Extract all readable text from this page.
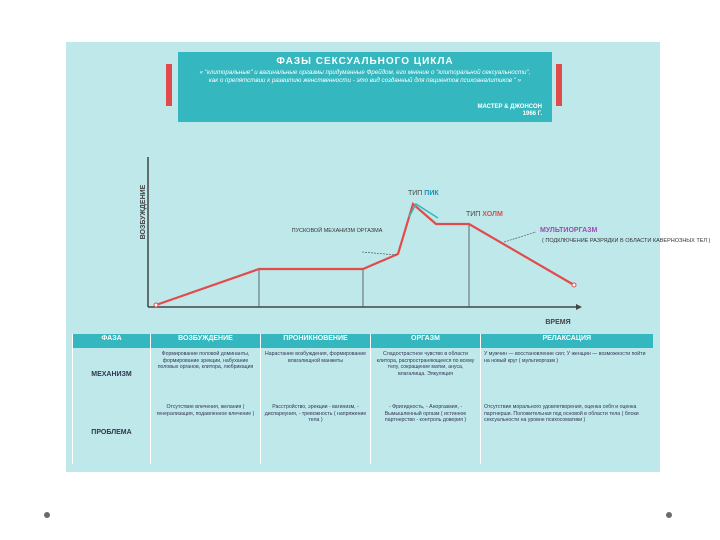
ФАЗЫ СЕКСУАЛЬНОГО ЦИКЛА

« "клиторальные" и вагинальные оргазмы придуманные Фрейдом, его мнение о "клиторальной сексуальности", как о препятствии к развитию женственности - это вид созданный для пациентов психоаналитиков " »

МАСТЕР & ДЖОНСОН
1966 Г.
ВОЗБУЖДЕНИЕ
ВРЕМЯ
ПУСКОВОЙ МЕХАНИЗМ ОРГАЗМА
ТИП ПИК
ТИП ХОЛМ
МУЛЬТИОРГАЗМ
( ПОДКЛЮЧЕНИЕ РАЗРЯДКИ В ОБЛАСТИ КАВЕРНОЗНЫХ ТЕЛ )
ФАЗА	ВОЗБУЖДЕНИЕ	ПРОНИКНОВЕНИЕ	ОРГАЗМ	РЕЛАКСАЦИЯ
МЕХАНИЗМ	Формирование половой доминанты, формирование эрекции, набухание половых органов, клитора, любрикация	Нарастание возбуждения, формирование влагалищной манжеты	Сладострастное чувство в области клитора, распространяющееся по всему телу, сокращение матки, ануса, влагалища. Эякуляция	У мужчин — восстановление сил; У женщин — возможности пойти на новый круг ( мультиоргазм )
ПРОБЛЕМА	Отсутствие влечения, желания ( генерализация, подавленное влечение )	Расстройство, эрекции - вагинизм, - диспареуния, - тревожность ( напряжение тела )	- Фригидность, - Аноргазмия, - Вымышленный оргазм ( истинное партнерство - контроль доверия )	Отсутствие морального удовлетворения, оценка себя и оценка партнерши. Положительная под основой в области тела ( блоки сексуальности на уровне психосоматики )
